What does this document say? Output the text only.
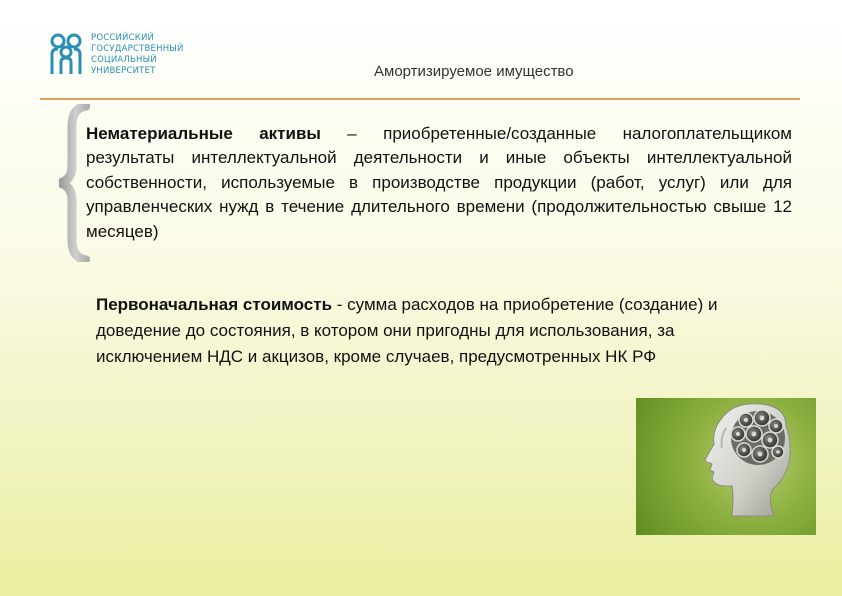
РОССИЙСКИЙ
ГОСУДАРСТВЕННЫЙ
СОЦИАЛЬНЫЙ
УНИВЕРСИТЕТ	Амортизируемое имущество
Нематериальные активы – приобретенные/созданные налогоплательщиком результаты интеллектуальной деятельности и иные объекты интеллектуальной собственности, используемые в производстве продукции (работ, услуг) или для управленческих нужд в течение длительного времени (продолжительностью свыше 12 месяцев)
Первоначальная стоимость - сумма расходов на приобретение (создание) и доведение до состояния, в котором они пригодны для использования, за исключением НДС и акцизов, кроме случаев, предусмотренных НК РФ
